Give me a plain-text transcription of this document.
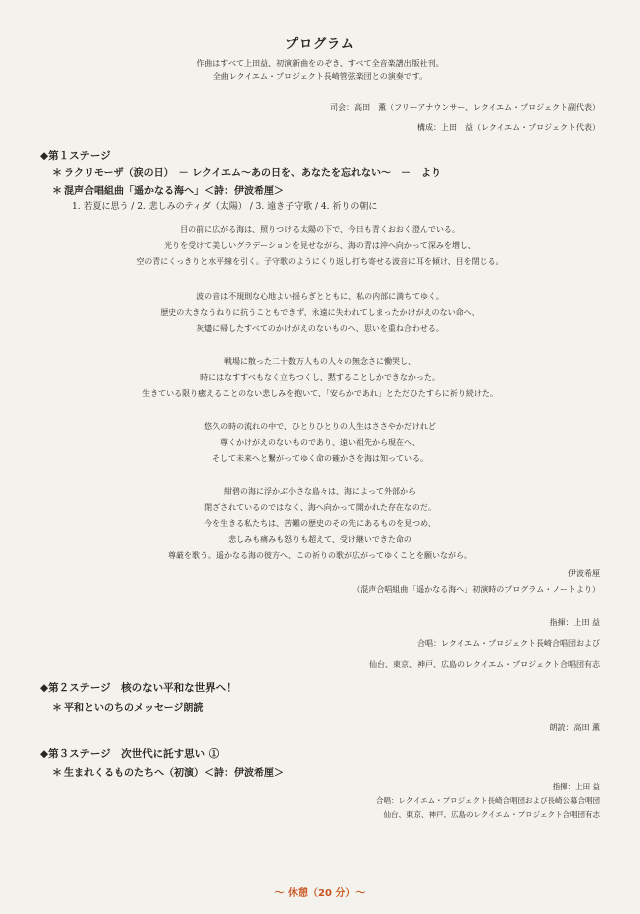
プログラム
作曲はすべて上田益、初演新曲をのぞき、すべて全音楽譜出版社刊。
全曲レクイエム・プロジェクト長崎管弦楽団との演奏です。
司会：高田　薫（フリーアナウンサー、レクイエム・プロジェクト副代表）
構成：上田　益（レクイエム・プロジェクト代表）
◆第１ステージ
＊ ラクリモーザ（涙の日）　－ レクイエム～あの日を、あなたを忘れない～　－　より
＊ 混声合唱組曲「遥かなる海へ」＜詩：伊波希厘＞
1. 若夏に思う / 2. 悲しみのティダ（太陽） / 3. 遠き子守歌 / 4. 祈りの朝に
目の前に広がる海は、照りつける太陽の下で、今日も青くおおく澄んでいる。
光りを受けて美しいグラデーションを見せながら、海の青は沖へ向かって深みを増し、
空の青にくっきりと水平線を引く。子守歌のようにくり返し打ち寄せる波音に耳を傾け、目を閉じる。
波の音は不規則な心地よい揺らぎとともに、私の内部に満ちてゆく。
歴史の大きなうねりに抗うこともできず、永遠に失われてしまったかけがえのない命へ、
灰燼に帰したすべてのかけがえのないものへ、思いを重ね合わせる。
戦場に散った二十数万人もの人々の無念さに慟哭し、
時にはなすすべもなく立ちつくし、黙することしかできなかった。
生きている限り癒えることのない悲しみを抱いて、「安らかであれ」とただひたすらに祈り続けた。
悠久の時の流れの中で、ひとりひとりの人生はささやかだけれど
尊くかけがえのないものであり、遠い祖先から現在へ、
そして未来へと繋がってゆく命の確かさを海は知っている。
紺碧の海に浮かぶ小さな島々は、海によって外部から
閉ざされているのではなく、海へ向かって開かれた存在なのだ。
今を生きる私たちは、苦難の歴史のその先にあるものを見つめ、
悲しみも痛みも怒りも超えて、受け継いできた命の
尊厳を歌う。遥かなる海の彼方へ、この祈りの歌が広がってゆくことを願いながら。
伊波希厘
（混声合唱組曲「遥かなる海へ」初演時のプログラム・ノートより）
指揮：上田 益
合唱：レクイエム・プロジェクト長崎合唱団および
仙台、東京、神戸、広島のレクイエム・プロジェクト合唱団有志
◆第２ステージ　核のない平和な世界へ！
＊ 平和といのちのメッセージ朗読
朗読：高田 薫
◆第３ステージ　次世代に託す思い ①
＊ 生まれくるものたちへ（初演）＜詩：伊波希厘＞
指揮：上田 益
合唱：レクイエム・プロジェクト長崎合唱団および長崎公募合唱団
仙台、東京、神戸、広島のレクイエム・プロジェクト合唱団有志
～ 休憩（20 分）～
